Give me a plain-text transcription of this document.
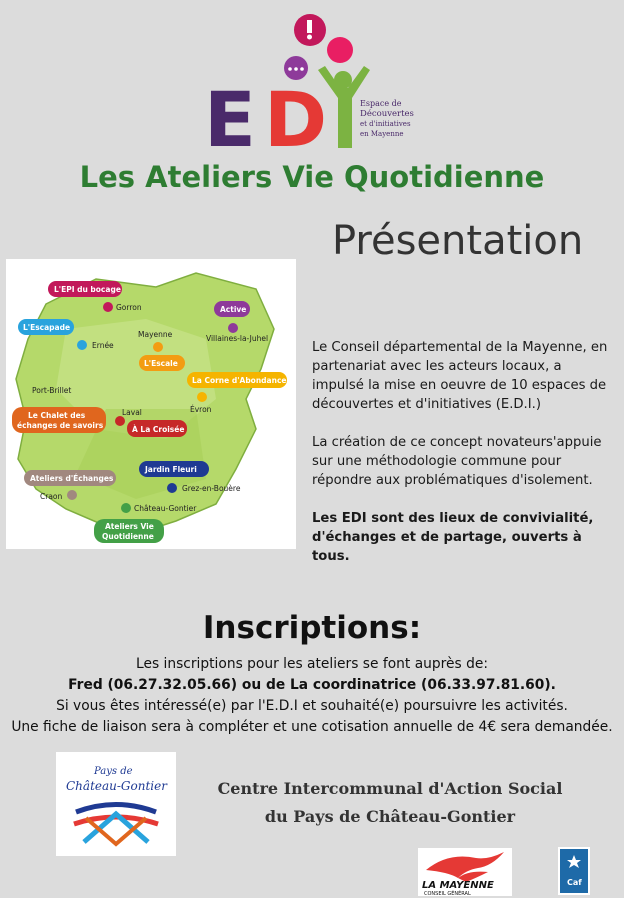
E D	Espace de
Découvertes
et d'initiatives
en Mayenne
Les Ateliers Vie Quotidienne
Présentation
L'EPI du bocage
L'Escapade
Active
L'Escale
La Corne d'Abondance
Le Chalet des
échanges de savoirs	À La Croisée
Jardin Fleuri
Ateliers d'Échanges
Ateliers Vie
Quotidienne
Gorron
Ernée
Mayenne	Villaines-la-Juhel
Port-Brillet
Laval	Évron
Grez-en-Bouère
Craon
Château-Gontier

Le Conseil départemental de la Mayenne, en partenariat avec les acteurs locaux, a impulsé la mise en oeuvre de 10 espaces de découvertes et d'initiatives (E.D.I.)

La création de ce concept novateurs'appuie sur une méthodologie commune pour répondre aux problématiques d'isolement.

Les EDI sont des lieux de convivialité, d'échanges et de partage, ouverts à tous.

Inscriptions:
Les inscriptions pour les ateliers se font auprès de:
Fred (06.27.32.05.66) ou de La coordinatrice (06.33.97.81.60).
Si vous êtes intéressé(e) par l'E.D.I et souhaité(e) poursuivre les activités.
Une fiche de liaison sera à compléter et une cotisation annuelle de 4€ sera demandée.
Pays de
Château-Gontier	Centre Intercommunal d'Action Social
du Pays de Château-Gontier
LA MAYENNE
CONSEIL GÉNÉRAL
Caf
